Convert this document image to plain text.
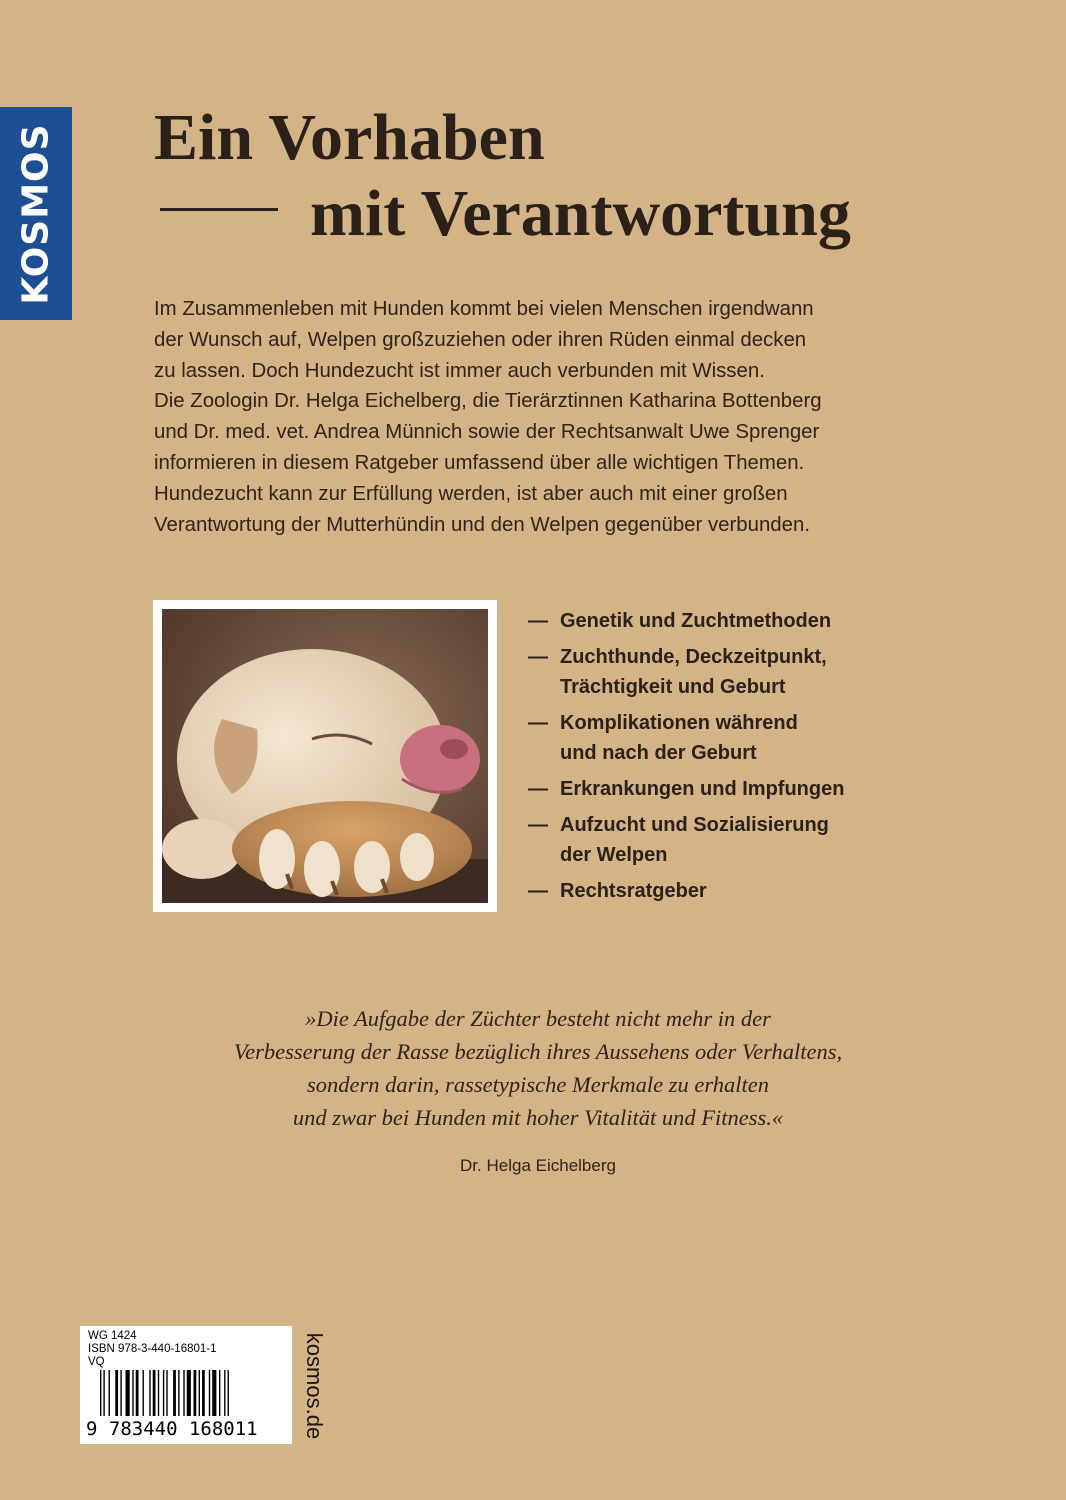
KOSMOS Ein Vorhaben
mit Verantwortung

Im Zusammenleben mit Hunden kommt bei vielen Menschen irgendwann
der Wunsch auf, Welpen großzuziehen oder ihren Rüden einmal decken
zu lassen. Doch Hundezucht ist immer auch verbunden mit Wissen.
Die Zoologin Dr. Helga Eichelberg, die Tierärztinnen Katharina Bottenberg
und Dr. med. vet. Andrea Münnich sowie der Rechtsanwalt Uwe Sprenger
informieren in diesem Ratgeber umfassend über alle wichtigen Themen.
Hundezucht kann zur Erfüllung werden, ist aber auch mit einer großen
Verantwortung der Mutterhündin und den Welpen gegenüber verbunden.

— Genetik und Zuchtmethoden
— Zuchthunde, Deckzeitpunkt,
Trächtigkeit und Geburt
— Komplikationen während
und nach der Geburt
— Erkrankungen und Impfungen
— Aufzucht und Sozialisierung
der Welpen
— Rechtsratgeber

»Die Aufgabe der Züchter besteht nicht mehr in der
Verbesserung der Rasse bezüglich ihres Aussehens oder Verhaltens,
sondern darin, rassetypische Merkmale zu erhalten
und zwar bei Hunden mit hoher Vitalität und Fitness.«

Dr. Helga Eichelberg
WG 1424
ISBN 978-3-440-16801-1
VQ
9 783440 168011 kosmos.de
